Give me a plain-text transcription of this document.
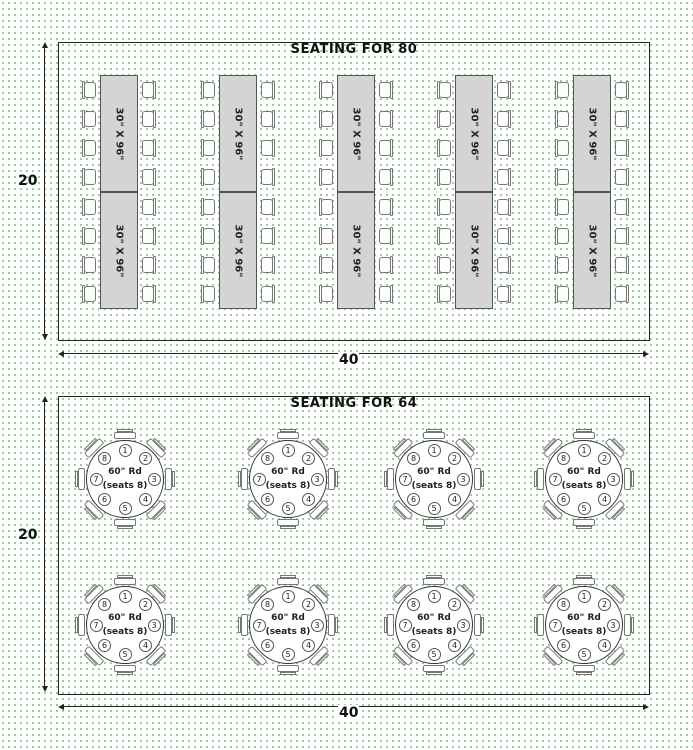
SEATING FOR 80
30" X 96"
30" X 96"
30" X 96"
30" X 96"
30" X 96"
30" X 96"
30" X 96"
30" X 96"
30" X 96"
30" X 96"
20
40
SEATING FOR 64
60" Rd
(seats 8)
1
2
3
4
5
6
7
8
60" Rd
(seats 8)
1
2
3
4
5
6
7
8
60" Rd
(seats 8)
1
2
3
4
5
6
7
8
60" Rd
(seats 8)
1
2
3
4
5
6
7
8
60" Rd
(seats 8)
1
2
3
4
5
6
7
8
60" Rd
(seats 8)
1
2
3
4
5
6
7
8
60" Rd
(seats 8)
1
2
3
4
5
6
7
8
60" Rd
(seats 8)
1
2
3
4
5
6
7
8
20
40
